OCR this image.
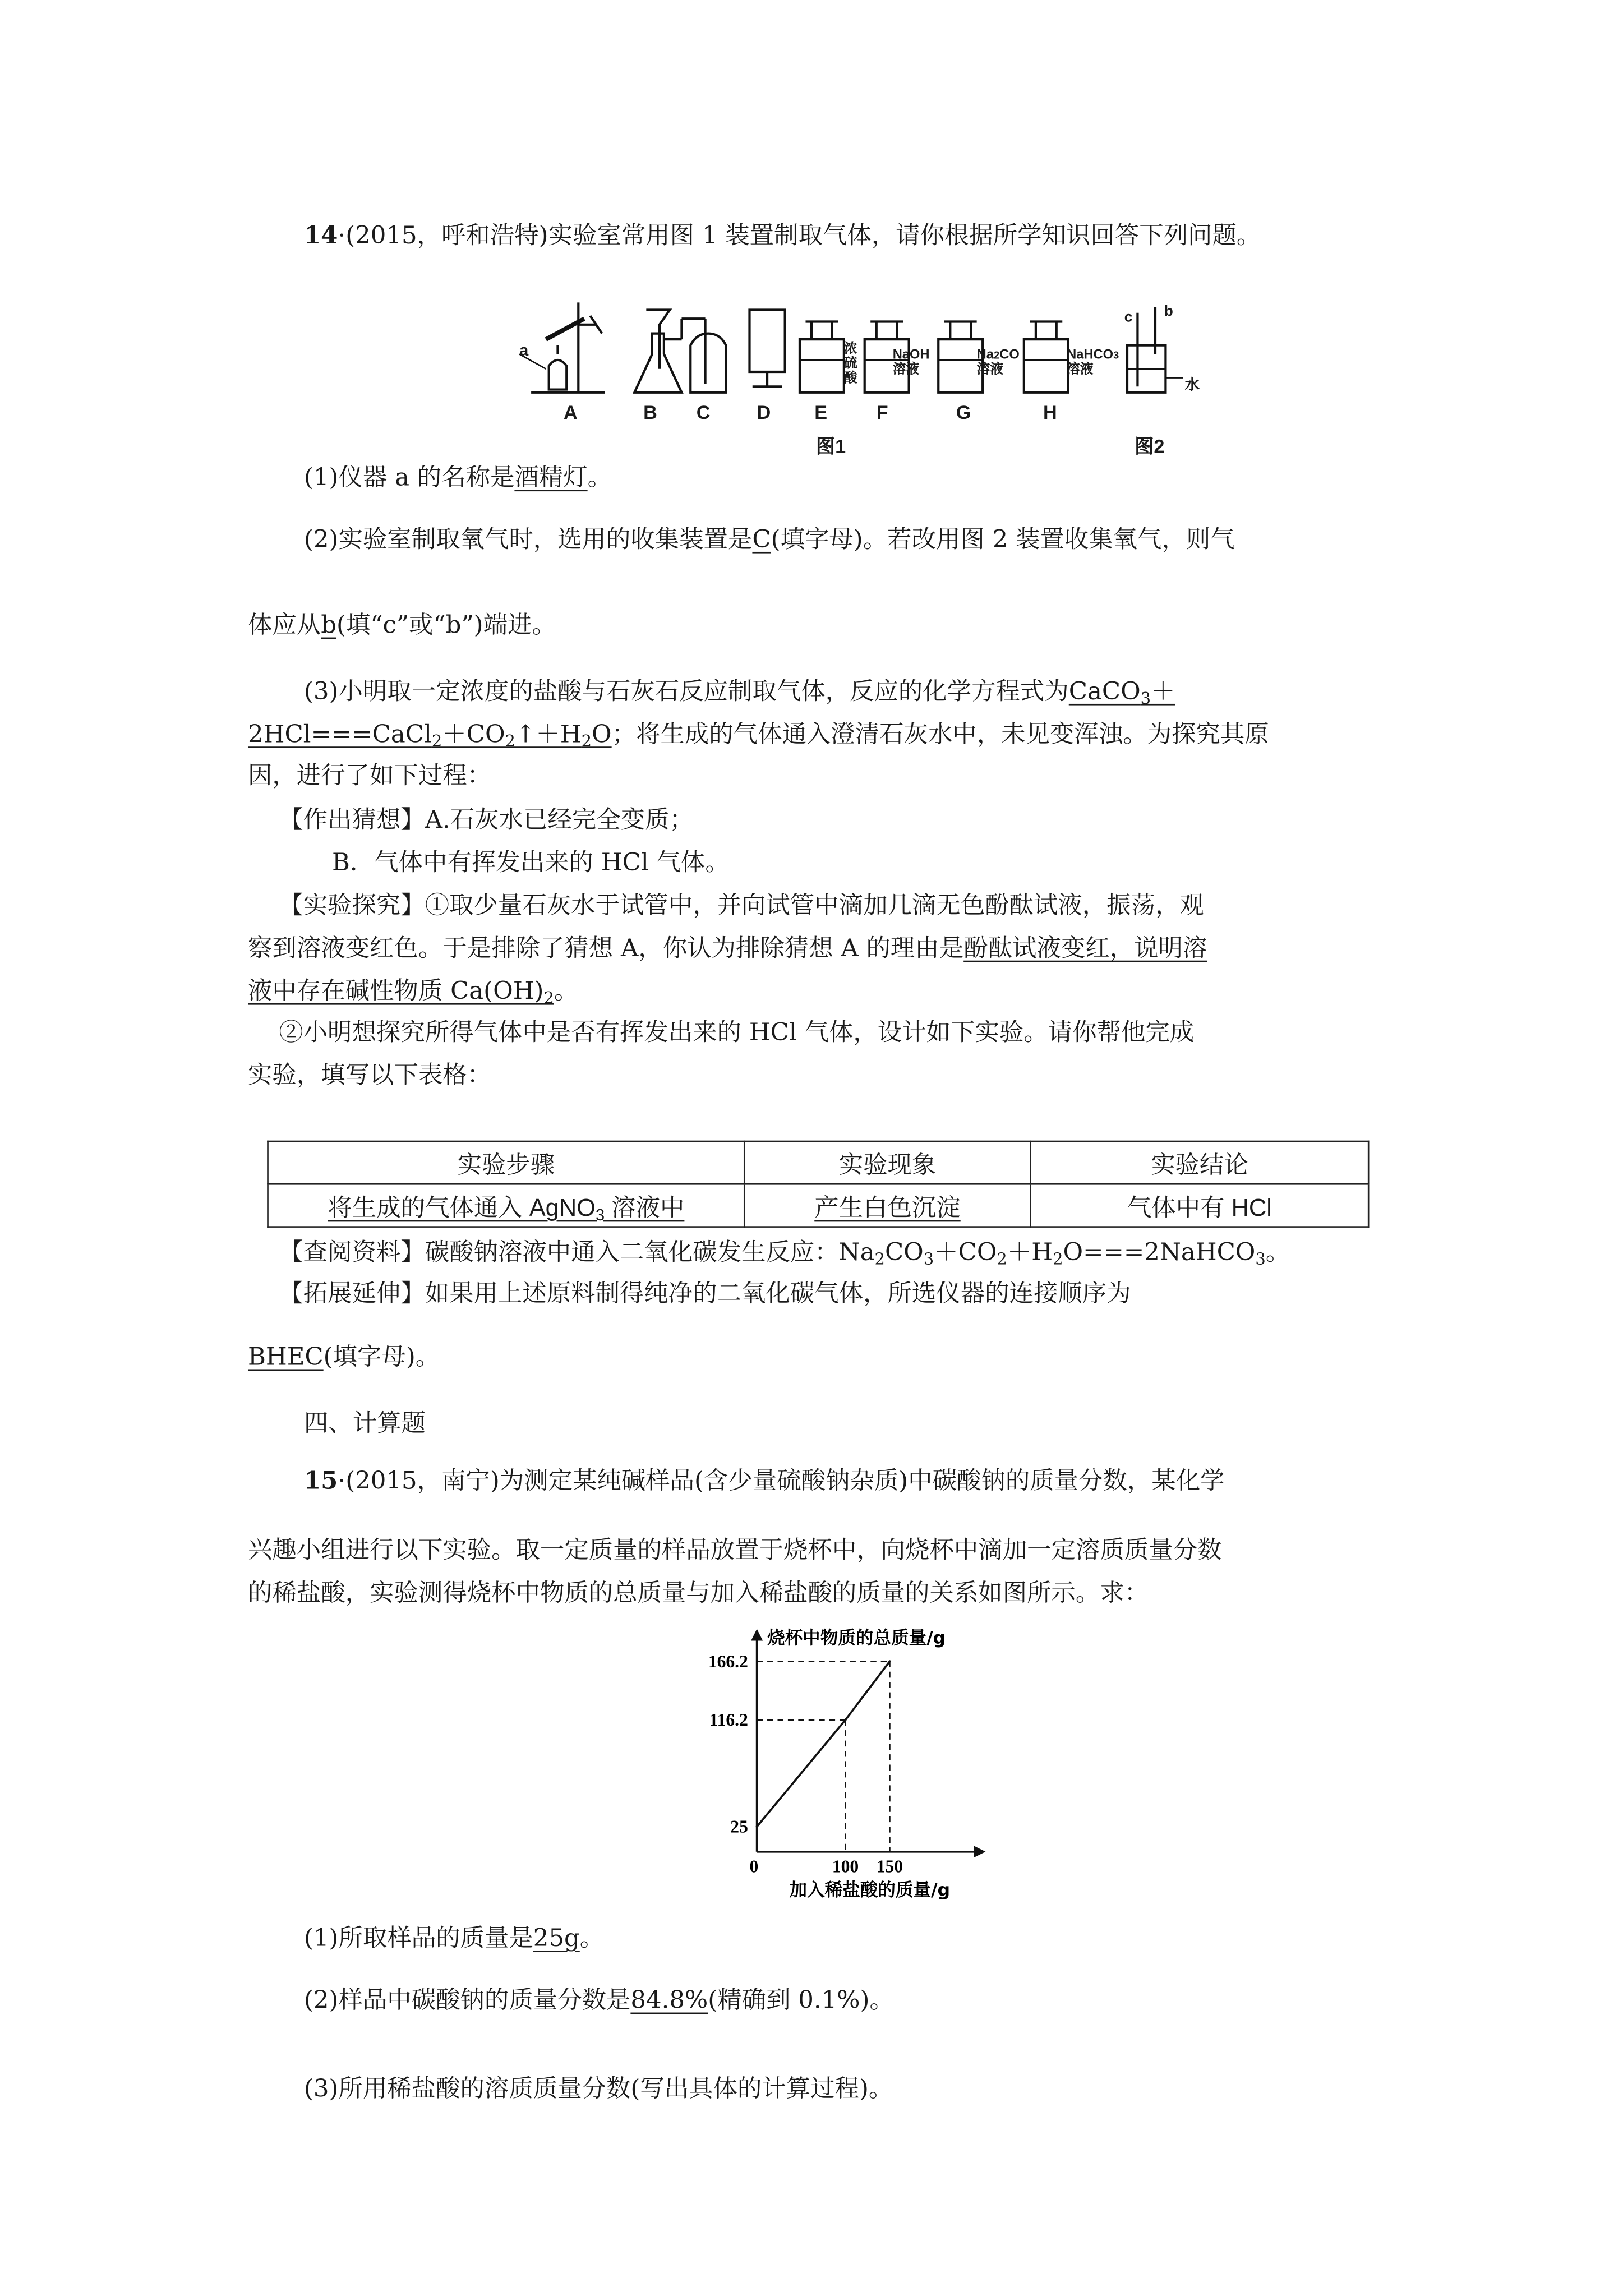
14·(2015，呼和浩特)实验室常用图 1 装置制取气体，请你根据所学知识回答下列问题。
a
A	B	C	D	E	F	G	H
图1	图2
浓
硫
酸
NaOH
溶液
Na2CO
溶液
NaHCO3
溶液
c	b
水
(1)仪器 a 的名称是酒精灯。
(2)实验室制取氧气时，选用的收集装置是C(填字母)。若改用图 2 装置收集氧气，则气
体应从b(填“c”或“b”)端进。
(3)小明取一定浓度的盐酸与石灰石反应制取气体，反应的化学方程式为CaCO$_3$＋
$2HCl===CaCl_2+CO_2↑+H_2O$；将生成的气体通入澄清石灰水中，未见变浑浊。为探究其原
因，进行了如下过程：
【作出猜想】A.石灰水已经完全变质；
B．气体中有挥发出来的 HCl 气体。
【实验探究】①取少量石灰水于试管中，并向试管中滴加几滴无色酚酞试液，振荡，观
察到溶液变红色。于是排除了猜想 A，你认为排除猜想 A 的理由是酚酞试液变红，说明溶
液中存在碱性物质 $Ca(OH)_2$。
②小明想探究所得气体中是否有挥发出来的 HCl 气体，设计如下实验。请你帮他完成
实验，填写以下表格：
实验步骤	实验现象	实验结论
将生成的气体通入 AgNO$_3$ 溶液中	产生白色沉淀	气体中有 HCl
【查阅资料】碳酸钠溶液中通入二氧化碳发生反应：$Na_2CO_3+CO_2+H_2O===2NaHCO_3$。
【拓展延伸】如果用上述原料制得纯净的二氧化碳气体，所选仪器的连接顺序为
BHEC(填字母)。
四、计算题
15·(2015，南宁)为测定某纯碱样品(含少量硫酸钠杂质)中碳酸钠的质量分数，某化学
兴趣小组进行以下实验。取一定质量的样品放置于烧杯中，向烧杯中滴加一定溶质质量分数
的稀盐酸，实验测得烧杯中物质的总质量与加入稀盐酸的质量的关系如图所示。求：
25
116.2
166.2
0	100	150
烧杯中物质的总质量/g
加入稀盐酸的质量/g
(1)所取样品的质量是25g。
(2)样品中碳酸钠的质量分数是84.8%(精确到 0.1%)。
(3)所用稀盐酸的溶质质量分数(写出具体的计算过程)。
